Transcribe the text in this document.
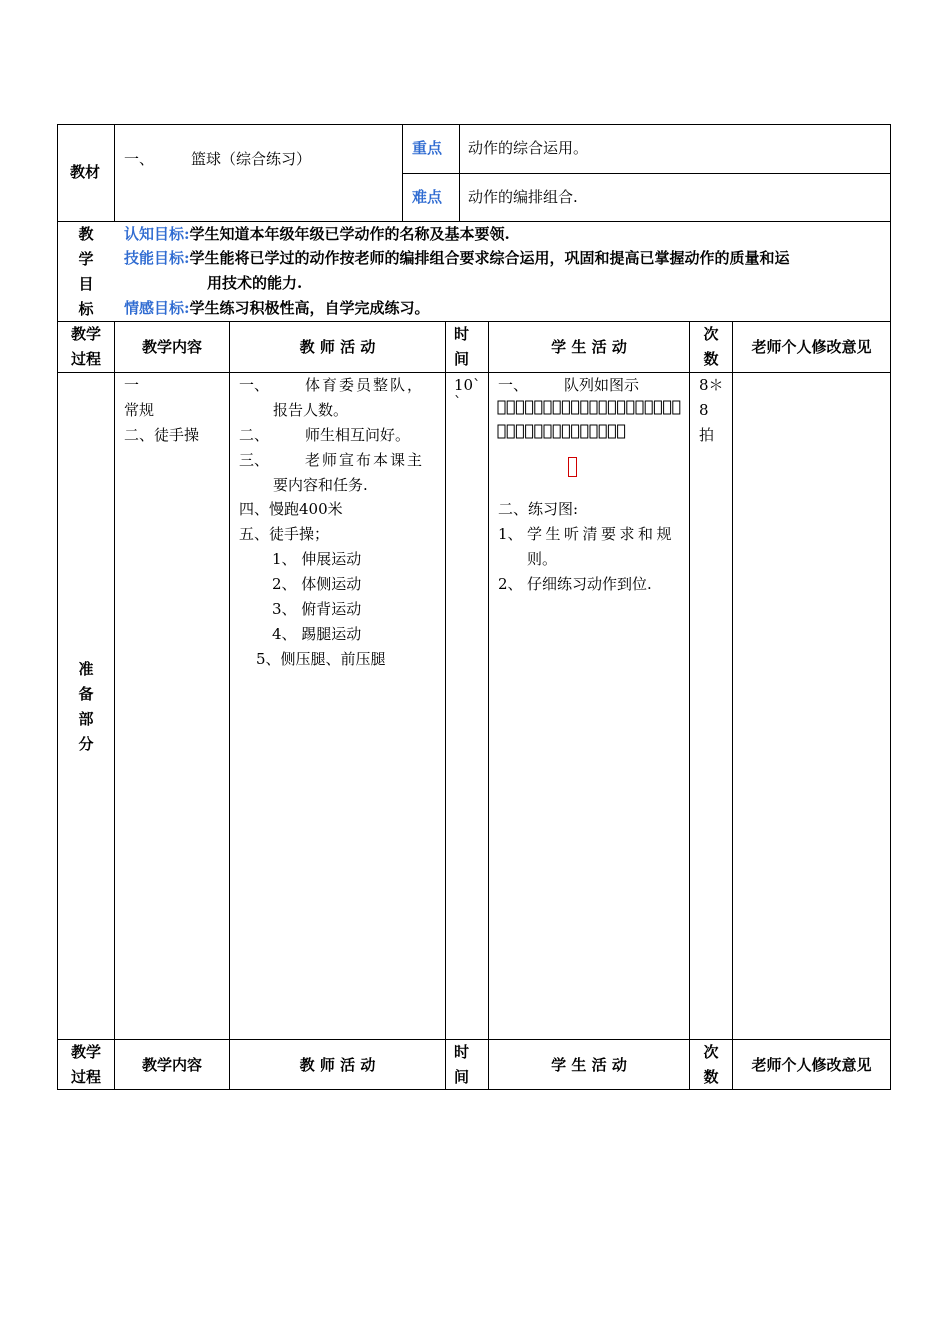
教材
一、 篮球（综合练习）
重点 动作的综合运用。
难点 动作的编排组合.
教
学
目
标
认知目标:学生知道本年级年级已学动作的名称及基本要领.
技能目标:学生能将已学过的动作按老师的编排组合要求综合运用，巩固和提高已掌握动作的质量和运
用技术的能力.
情感目标:学生练习积极性高，自学完成练习。
教学
过程
教学内容	教 师 活 动
时
间
学 生 活 动
次
数
老师个人修改意见
准
备
部
分
一
常规
二、徒手操
一、 体育委员整队，
报告人数。
二、 师生相互问好。
三、 老师宣布本课主
要内容和任务.
四、慢跑400米
五、徒手操；
1、 伸展运动
2、 体侧运动
3、 俯背运动
4、 踢腿运动
5、侧压腿、前压腿
10`
`
一、 队列如图示
二、练习图:
1、 学生听清要求和规
则。
2、 仔细练习动作到位.
8＊
8
拍
教学
过程
教学内容	教 师 活 动
时
间
学 生 活 动
次
数
老师个人修改意见
